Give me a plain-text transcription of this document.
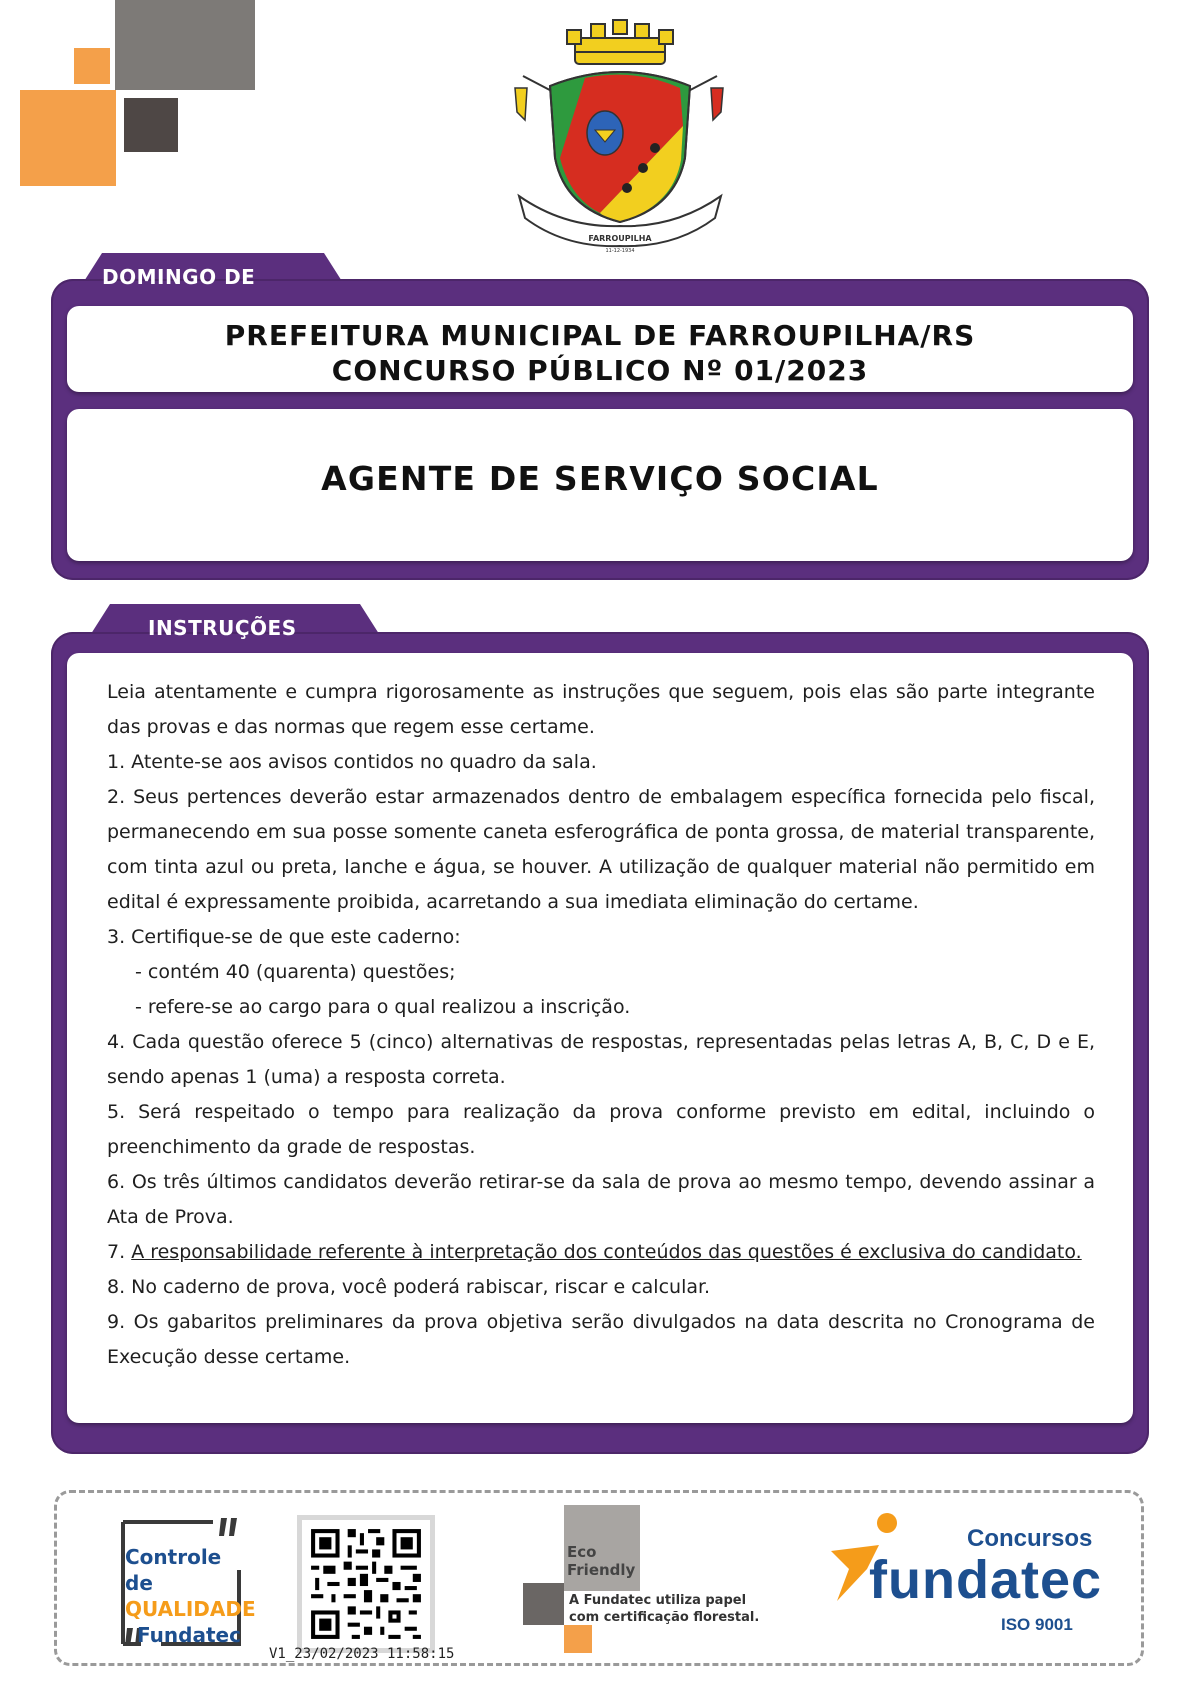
FARROUPILHA
11-12-1934
DOMINGO DE MANHÃ	PREFEITURA MUNICIPAL DE FARROUPILHA/RS
CONCURSO PÚBLICO Nº 01/2023
AGENTE DE SERVIÇO SOCIAL
INSTRUÇÕES

Leia atentamente e cumpra rigorosamente as instruções que seguem, pois elas são parte integrante das provas e das normas que regem esse certame.

1. Atente-se aos avisos contidos no quadro da sala.

2. Seus pertences deverão estar armazenados dentro de embalagem específica fornecida pelo fiscal, permanecendo em sua posse somente caneta esferográfica de ponta grossa, de material transparente, com tinta azul ou preta, lanche e água, se houver. A utilização de qualquer material não permitido em edital é expressamente proibida, acarretando a sua imediata eliminação do certame.

3. Certifique-se de que este caderno:

- contém 40 (quarenta) questões;

- refere-se ao cargo para o qual realizou a inscrição.

4. Cada questão oferece 5 (cinco) alternativas de respostas, representadas pelas letras A, B, C, D e E, sendo apenas 1 (uma) a resposta correta.

5. Será respeitado o tempo para realização da prova conforme previsto em edital, incluindo o preenchimento da grade de respostas.

6. Os três últimos candidatos deverão retirar-se da sala de prova ao mesmo tempo, devendo assinar a Ata de Prova.

7. A responsabilidade referente à interpretação dos conteúdos das questões é exclusiva do candidato.

8. No caderno de prova, você poderá rabiscar, riscar e calcular.

9. Os gabaritos preliminares da prova objetiva serão divulgados na data descrita no Cronograma de Execução desse certame.

Controle de
QUALIDADE
Fundatec
V1_23/02/2023 11:58:15
Eco
Friendly
A Fundatec utiliza papel
com certificação florestal.
Concursos
fundatec
ISO 9001
